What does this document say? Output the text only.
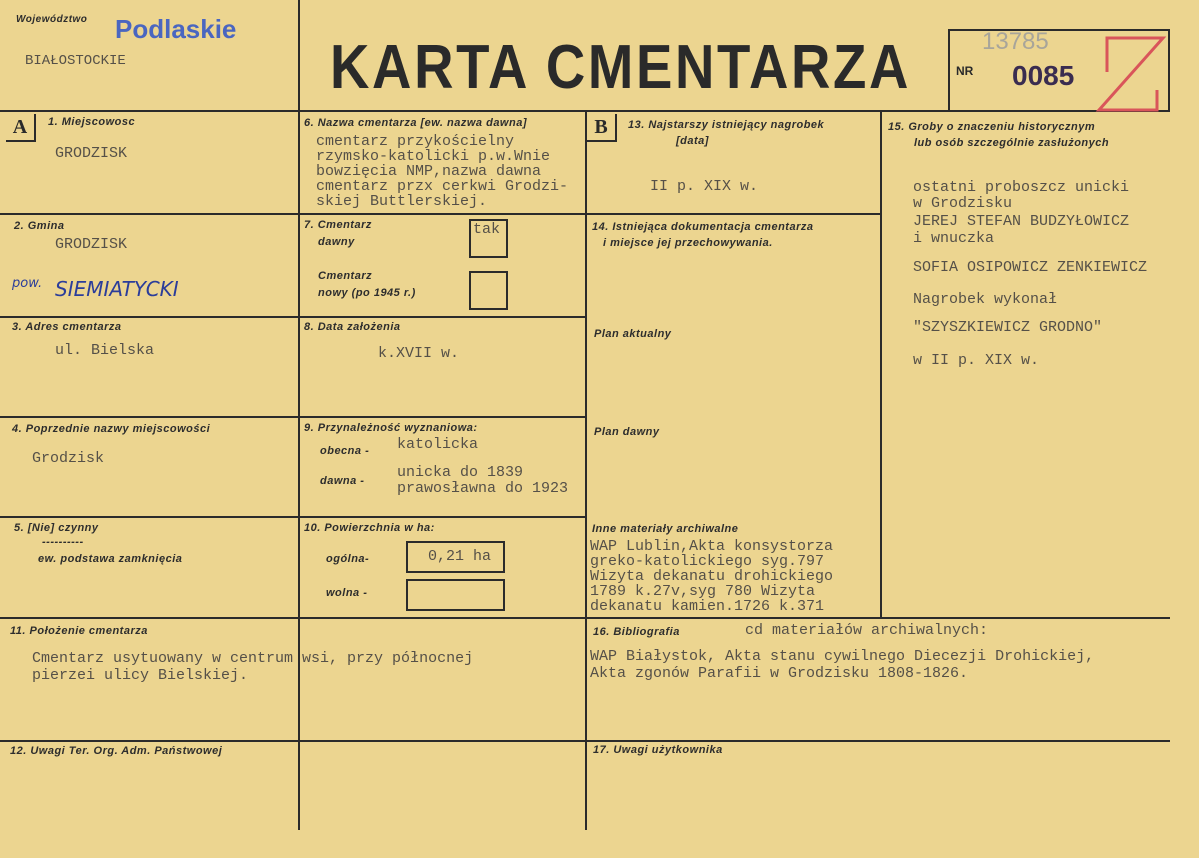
Województwo Podlaskie
BIAŁOSTOCKIE	KARTA CMENTARZA	NR
13785
0085
A	1. Miejscowosc
GRODZISK
2. Gmina
GRODZISK
pow. SIEMIATYCKI
3. Adres cmentarza
ul. Bielska
4. Poprzednie nazwy miejscowości
Grodzisk
5. [Nie] czynny
----------
ew. podstawa zamknięcia
6. Nazwa cmentarza [ew. nazwa dawna]
cmentarz przykościelny
rzymsko-katolicki p.w.Wnie
bowzięcia NMP,nazwa dawna
cmentarz przx cerkwi Grodzi-
skiej Buttlerskiej.
7. Cmentarz
dawny
tak
Cmentarz
nowy (po 1945 r.)
8. Data założenia
k.XVII w.
9. Przynależność wyznaniowa:
obecna - katolicka
dawna - unicka do 1839
prawosławna do 1923
10. Powierzchnia w ha:
ogólna-	0,21 ha
wolna -
B	13. Najstarszy istniejący nagrobek
[data]
II p. XIX w.
14. Istniejąca dokumentacja cmentarza
i miejsce jej przechowywania.
Plan aktualny
Plan dawny
Inne materiały archiwalne
WAP Lublin,Akta konsystorza
greko-katolickiego syg.797
Wizyta dekanatu drohickiego
1789 k.27v,syg 780 Wizyta
dekanatu kamien.1726 k.371
15. Groby o znaczeniu historycznym
lub osób szczególnie zasłużonych
ostatni proboszcz unicki
w Grodzisku
JEREJ STEFAN BUDZYŁOWICZ
i wnuczka
SOFIA OSIPOWICZ ZENKIEWICZ
Nagrobek wykonał
"SZYSZKIEWICZ GRODNO"
w II p. XIX w.
11. Położenie cmentarza
Cmentarz usytuowany w centrum wsi, przy północnej
pierzei ulicy Bielskiej.
12. Uwagi Ter. Org. Adm. Państwowej
16. Bibliografia	cd materiałów archiwalnych:
WAP Białystok, Akta stanu cywilnego Diecezji Drohickiej,
Akta zgonów Parafii w Grodzisku 1808-1826.
17. Uwagi użytkownika
